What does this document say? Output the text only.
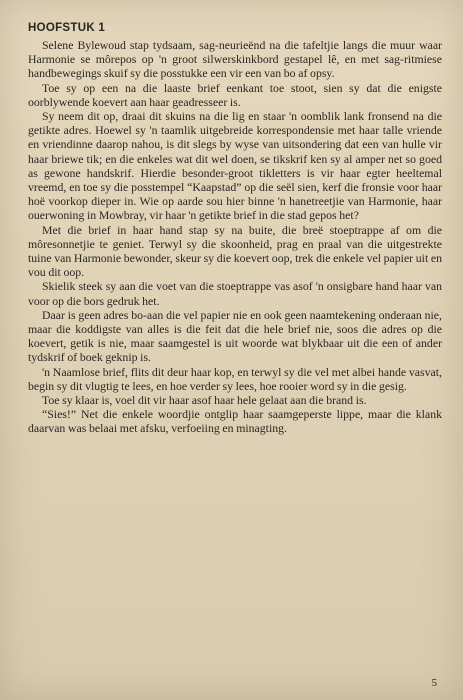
HOOFSTUK 1

Selene Bylewoud stap tydsaam, sag-neurieënd na die tafeltjie langs die muur waar Harmonie se môrepos op 'n groot silwerskinkbord gestapel lê, en met sag-ritmiese handbewegings skuif sy die posstukke een vir een van bo af opsy.

Toe sy op een na die laaste brief eenkant toe stoot, sien sy dat die enigste oorblywende koevert aan haar geadresseer is.

Sy neem dit op, draai dit skuins na die lig en staar 'n oomblik lank fronsend na die getikte adres. Hoewel sy 'n taamlik uitgebreide korrespondensie met haar talle vriende en vriendinne daarop nahou, is dit slegs by wyse van uitsondering dat een van hulle vir haar briewe tik; en die enkeles wat dit wel doen, se tikskrif ken sy al amper net so goed as gewone handskrif. Hierdie besonder-groot tikletters is vir haar egter heeltemal vreemd, en toe sy die posstempel “Kaapstad” op die seël sien, kerf die fronsie voor haar hoë voorkop dieper in. Wie op aarde sou hier binne 'n hanetreetjie van Harmonie, haar ouerwoning in Mowbray, vir haar 'n getikte brief in die stad gepos het?

Met die brief in haar hand stap sy na buite, die breë stoeptrappe af om die môresonnetjie te geniet. Terwyl sy die skoonheid, prag en praal van die uitgestrekte tuine van Harmonie bewonder, skeur sy die koevert oop, trek die enkele vel papier uit en vou dit oop.

Skielik steek sy aan die voet van die stoeptrappe vas asof 'n onsigbare hand haar van voor op die bors gedruk het.

Daar is geen adres bo-aan die vel papier nie en ook geen naamtekening onderaan nie, maar die koddigste van alles is die feit dat die hele brief nie, soos die adres op die koevert, getik is nie, maar saamgestel is uit woorde wat blykbaar uit die een of ander tydskrif of boek geknip is.

'n Naamlose brief, flits dit deur haar kop, en terwyl sy die vel met albei hande vasvat, begin sy dit vlugtig te lees, en hoe verder sy lees, hoe rooier word sy in die gesig.

Toe sy klaar is, voel dit vir haar asof haar hele gelaat aan die brand is.

“Sies!” Net die enkele woordjie ontglip haar saamgeperste lippe, maar die klank daarvan was belaai met afsku, verfoeiing en minagting.

5
